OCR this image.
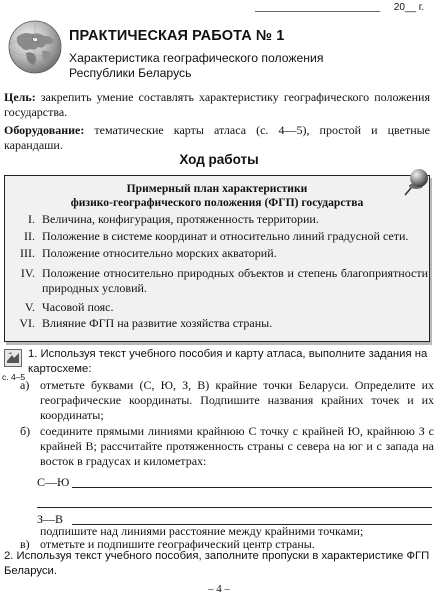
20__ г.
ПРАКТИЧЕСКАЯ РАБОТА № 1
Характеристика географического положения
Республики Беларусь
Цель: закрепить умение составлять характеристику географического положения государства.
Оборудование: тематические карты атласа (с. 4—5), простой и цветные карандаши.
Ход работы
Примерный план характеристики
физико-географического положения (ФГП) государства
I. Величина, конфигурация, протяженность территории.
II. Положение в системе координат и относительно линий градусной сети.
III. Положение относительно морских акваторий.
IV. Положение относительно природных объектов и степень благоприятности природных условий.
V. Часовой пояс.
VI. Влияние ФГП на развитие хозяйства страны.
с. 4–5
1. Используя текст учебного пособия и карту атласа, выполните задания на картосхеме:
а) отметьте буквами (С, Ю, З, В) крайние точки Беларуси. Определите их географические координаты. Подпишите названия крайних точек и их координаты;
б) соедините прямыми линиями крайнюю С точку с крайней Ю, крайнюю З с крайней В; рассчитайте протяженность страны с севера на юг и с запада на восток в градусах и километрах:
С—Ю
З—В
подпишите над линиями расстояние между крайними точками;
в) отметьте и подпишите географический центр страны.
2. Используя текст учебного пособия, заполните пропуски в характеристике ФГП Беларуси.
– 4 –
